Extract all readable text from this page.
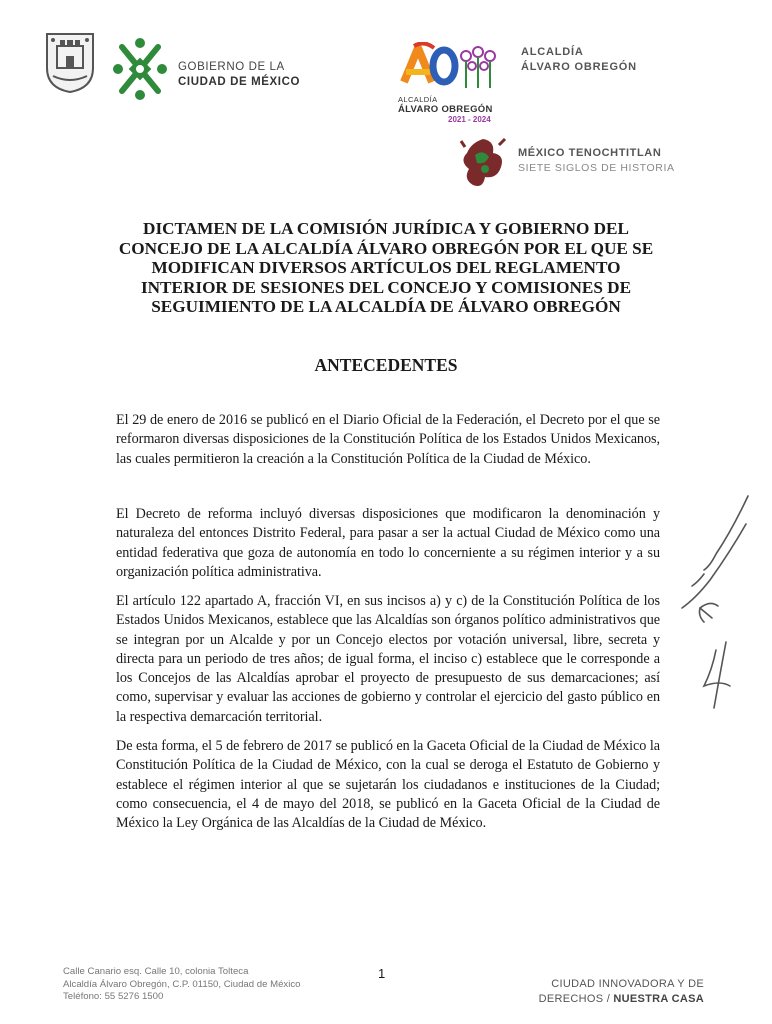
GOBIERNO DE LA
CIUDAD DE MÉXICO
ALCALDÍA
ÁLVARO OBREGÓN
2021 - 2024
ALCALDÍA
ÁLVARO OBREGÓN
MÉXICO TENOCHTITLAN
SIETE SIGLOS DE HISTORIA
DICTAMEN DE LA COMISIÓN JURÍDICA Y GOBIERNO DEL
CONCEJO DE LA ALCALDÍA ÁLVARO OBREGÓN POR EL QUE SE
MODIFICAN DIVERSOS ARTÍCULOS DEL REGLAMENTO
INTERIOR DE SESIONES DEL CONCEJO Y COMISIONES DE
SEGUIMIENTO DE LA ALCALDÍA DE ÁLVARO OBREGÓN
ANTECEDENTES

El 29 de enero de 2016 se publicó en el Diario Oficial de la Federación, el Decreto por el que se reformaron diversas disposiciones de la Constitución Política de los Estados Unidos Mexicanos, las cuales permitieron la creación a la Constitución Política de la Ciudad de México.

El Decreto de reforma incluyó diversas disposiciones que modificaron la denominación y naturaleza del entonces Distrito Federal, para pasar a ser la actual Ciudad de México como una entidad federativa que goza de autonomía en todo lo concerniente a su régimen interior y a su organización política administrativa.

El artículo 122 apartado A, fracción VI, en sus incisos a) y c) de la Constitución Política de los Estados Unidos Mexicanos, establece que las Alcaldías son órganos político administrativos que se integran por un Alcalde y por un Concejo electos por votación universal, libre, secreta y directa para un periodo de tres años; de igual forma, el inciso c) establece que le corresponde a los Concejos de las Alcaldías aprobar el proyecto de presupuesto de sus demarcaciones; así como, supervisar y evaluar las acciones de gobierno y controlar el ejercicio del gasto público en la respectiva demarcación territorial.

De esta forma, el 5 de febrero de 2017 se publicó en la Gaceta Oficial de la Ciudad de México la Constitución Política de la Ciudad de México, con la cual se deroga el Estatuto de Gobierno y establece el régimen interior al que se sujetarán los ciudadanos e instituciones de la Ciudad; como consecuencia, el 4 de mayo del 2018, se publicó en la Gaceta Oficial de la Ciudad de México la Ley Orgánica de las Alcaldías de la Ciudad de México.

Calle Canario esq. Calle 10, colonia Tolteca
Alcaldía Álvaro Obregón, C.P. 01150, Ciudad de México
Teléfono: 55 5276 1500
1
CIUDAD INNOVADORA Y DE
DERECHOS / NUESTRA CASA
